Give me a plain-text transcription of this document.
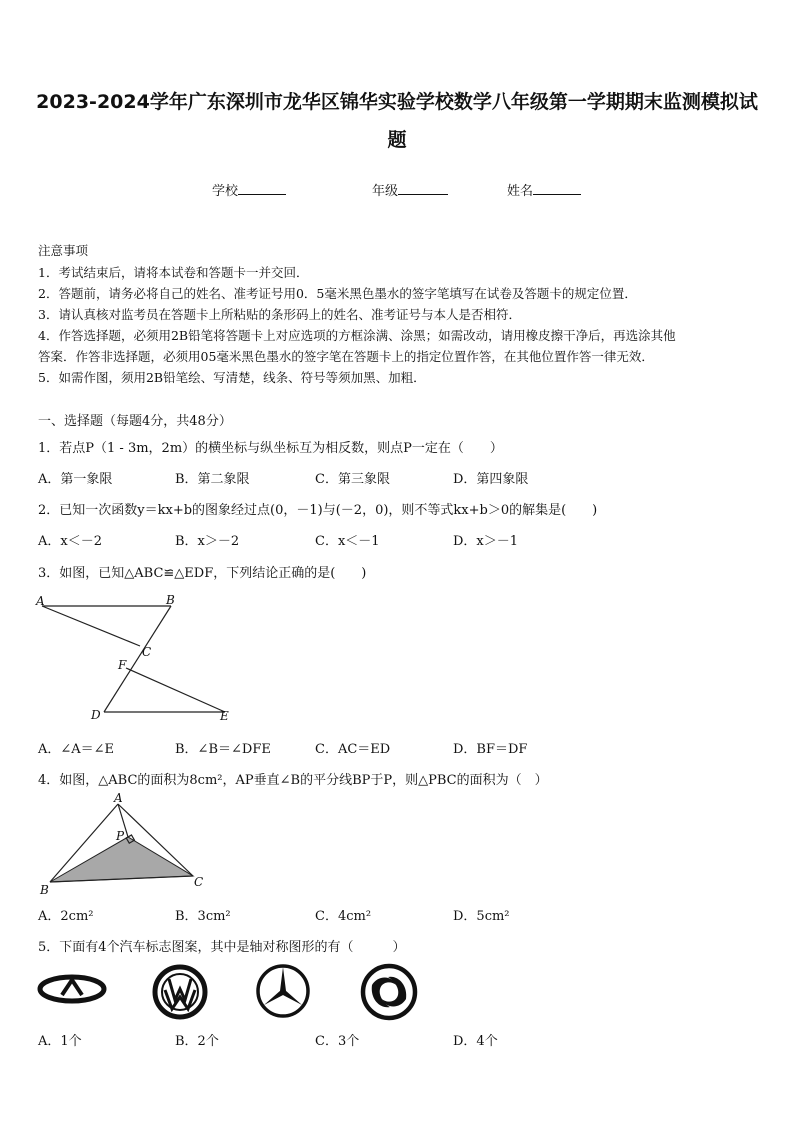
2023-2024学年广东深圳市龙华区锦华实验学校数学八年级第一学期期末监测模拟试
题
学校	年级	姓名
注意事项
1．考试结束后，请将本试卷和答题卡一并交回．
2．答题前，请务必将自己的姓名、准考证号用0．5毫米黑色墨水的签字笔填写在试卷及答题卡的规定位置．
3．请认真核对监考员在答题卡上所粘贴的条形码上的姓名、准考证号与本人是否相符．
4．作答选择题，必须用2B铅笔将答题卡上对应选项的方框涂满、涂黑；如需改动，请用橡皮擦干净后，再选涂其他
答案．作答非选择题，必须用05毫米黑色墨水的签字笔在答题卡上的指定位置作答，在其他位置作答一律无效．
5．如需作图，须用2B铅笔绘、写清楚，线条、符号等须加黑、加粗．
一、选择题（每题4分，共48分）
1．若点P（1 - 3m，2m）的横坐标与纵坐标互为相反数，则点P一定在（　　）
A．第一象限	B．第二象限	C．第三象限	D．第四象限
2．已知一次函数y＝kx+b的图象经过点(0，－1)与(－2，0)，则不等式kx+b＞0的解集是(　　)
A．x＜－2	B．x＞－2	C．x＜－1	D．x＞－1
3．如图，已知△ABC≌△EDF，下列结论正确的是(　　)
A	B
C
F
D	E
A．∠A＝∠E	B．∠B＝∠DFE	C．AC＝ED	D．BF＝DF
4．如图，△ABC的面积为8cm²，AP垂直∠B的平分线BP于P，则△PBC的面积为（　）
A
P
B
C
A．2cm²	B．3cm²	C．4cm²	D．5cm²
5．下面有4个汽车标志图案，其中是轴对称图形的有（　　　）
A．1个	B．2个	C．3个	D．4个
